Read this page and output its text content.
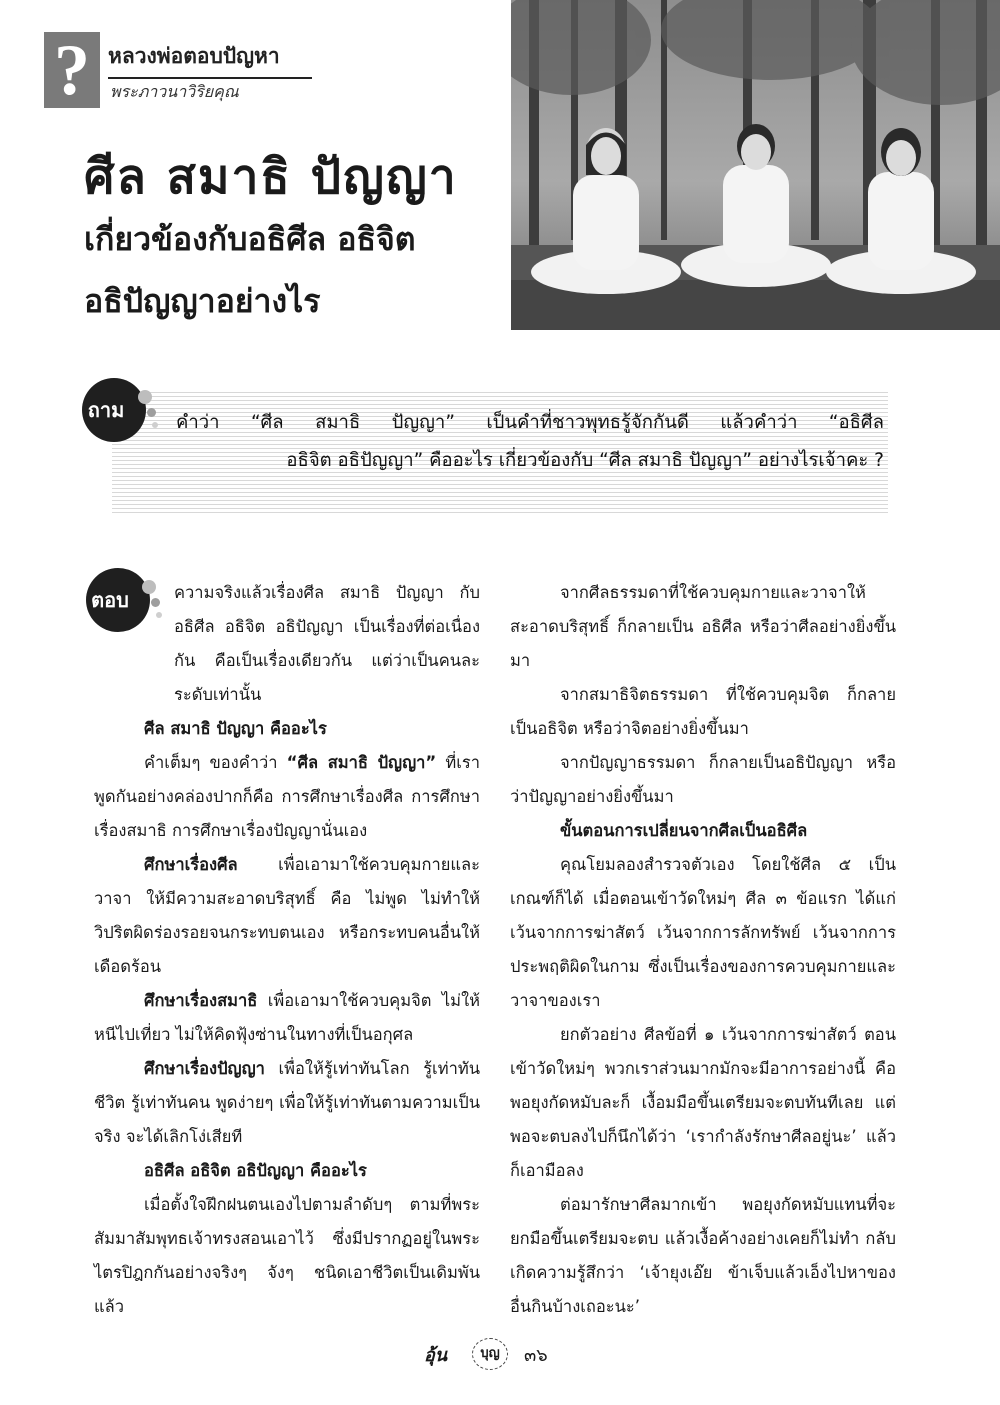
? หลวงพ่อตอบปัญหา
พระภาวนาวิริยคุณ
ศีล สมาธิ ปัญญา
เกี่ยวข้องกับอธิศีล อธิจิต
อธิปัญญาอย่างไร
ถาม
คำว่า “ศีล สมาธิ ปัญญา” เป็นคำที่ชาวพุทธรู้จักกันดี แล้วคำว่า “อธิศีล
อธิจิต อธิปัญญา” คืออะไร เกี่ยวข้องกับ “ศีล สมาธิ ปัญญา” อย่างไรเจ้าคะ ?
ตอบ	ความจริงแล้วเรื่องศีล สมาธิ ปัญญา กับอธิศีล อธิจิต อธิปัญญา เป็นเรื่องที่ต่อเนื่องกัน คือเป็นเรื่องเดียวกัน แต่ว่าเป็นคนละระดับเท่านั้น

ศีล สมาธิ ปัญญา คืออะไร

คำเต็มๆ ของคำว่า “ศีล สมาธิ ปัญญา” ที่เราพูดกันอย่างคล่องปากก็คือ การศึกษาเรื่องศีล การศึกษาเรื่องสมาธิ การศึกษาเรื่องปัญญานั่นเอง

ศึกษาเรื่องศีล เพื่อเอามาใช้ควบคุมกายและวาจา ให้มีความสะอาดบริสุทธิ์ คือ ไม่พูด ไม่ทำให้วิปริตผิดร่องรอยจนกระทบตนเอง หรือกระทบคนอื่นให้เดือดร้อน

ศึกษาเรื่องสมาธิ เพื่อเอามาใช้ควบคุมจิต ไม่ให้หนีไปเที่ยว ไม่ให้คิดฟุ้งซ่านในทางที่เป็นอกุศล

ศึกษาเรื่องปัญญา เพื่อให้รู้เท่าทันโลก รู้เท่าทันชีวิต รู้เท่าทันคน พูดง่ายๆ เพื่อให้รู้เท่าทันตามความเป็นจริง จะได้เลิกโง่เสียที

อธิศีล อธิจิต อธิปัญญา คืออะไร

เมื่อตั้งใจฝึกฝนตนเองไปตามลำดับๆ ตามที่พระสัมมาสัมพุทธเจ้าทรงสอนเอาไว้ ซึ่งมีปรากฏอยู่ในพระไตรปิฎกกันอย่างจริงๆ จังๆ ชนิดเอาชีวิตเป็นเดิมพันแล้ว

จากศีลธรรมดาที่ใช้ควบคุมกายและวาจาให้สะอาดบริสุทธิ์ ก็กลายเป็น อธิศีล หรือว่าศีลอย่างยิ่งขึ้นมา

จากสมาธิจิตธรรมดา ที่ใช้ควบคุมจิต ก็กลายเป็นอธิจิต หรือว่าจิตอย่างยิ่งขึ้นมา

จากปัญญาธรรมดา ก็กลายเป็นอธิปัญญา หรือว่าปัญญาอย่างยิ่งขึ้นมา

ขั้นตอนการเปลี่ยนจากศีลเป็นอธิศีล

คุณโยมลองสำรวจตัวเอง โดยใช้ศีล ๕ เป็นเกณฑ์ก็ได้ เมื่อตอนเข้าวัดใหม่ๆ ศีล ๓ ข้อแรก ได้แก่ เว้นจากการฆ่าสัตว์ เว้นจากการลักทรัพย์ เว้นจากการประพฤติผิดในกาม ซึ่งเป็นเรื่องของการควบคุมกายและวาจาของเรา

ยกตัวอย่าง ศีลข้อที่ ๑ เว้นจากการฆ่าสัตว์ ตอนเข้าวัดใหม่ๆ พวกเราส่วนมากมักจะมีอาการอย่างนี้ คือพอยุงกัดหมับละก็ เงื้อมมือขึ้นเตรียมจะตบทันทีเลย แต่พอจะตบลงไปก็นึกได้ว่า ‘เรากำลังรักษาศีลอยู่นะ’ แล้วก็เอามือลง

ต่อมารักษาศีลมากเข้า พอยุงกัดหมับแทนที่จะยกมือขึ้นเตรียมจะตบ แล้วเงื้อค้างอย่างเคยก็ไม่ทำ กลับเกิดความรู้สึกว่า ‘เจ้ายุงเอ๊ย ข้าเจ็บแล้วเอ็งไปหาของอื่นกินบ้างเถอะนะ’

อุ้น	บุญ	๓๖
